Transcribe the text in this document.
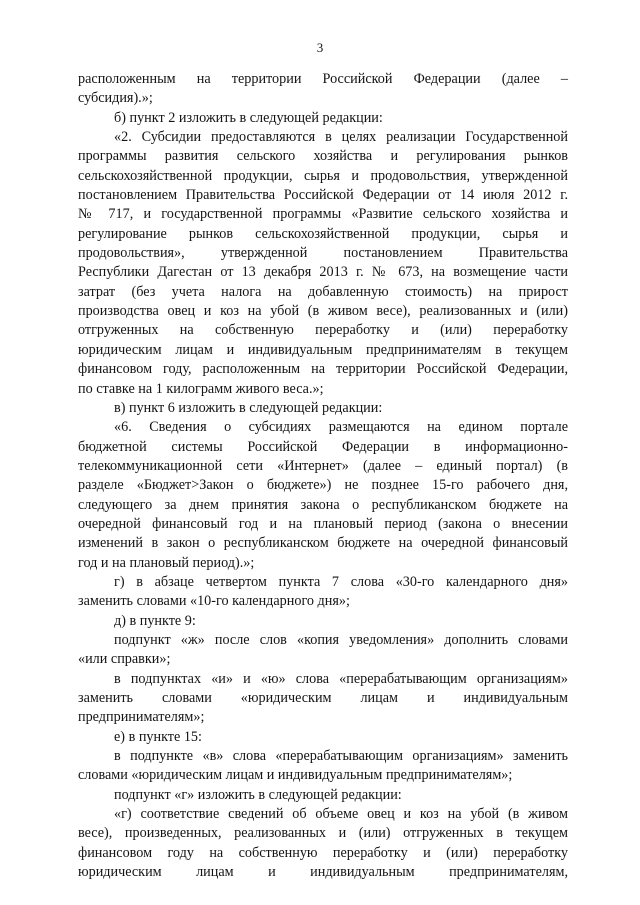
3
расположенным на территории Российской Федерации (далее –
субсидия).»;
б) пункт 2 изложить в следующей редакции:
«2. Субсидии предоставляются в целях реализации Государственной
программы развития сельского хозяйства и регулирования рынков
сельскохозяйственной продукции, сырья и продовольствия, утвержденной
постановлением Правительства Российской Федерации от 14 июля 2012 г.
№ 717, и государственной программы «Развитие сельского хозяйства и
регулирование рынков сельскохозяйственной продукции, сырья и
продовольствия», утвержденной постановлением Правительства
Республики Дагестан от 13 декабря 2013 г. № 673, на возмещение части
затрат (без учета налога на добавленную стоимость) на прирост
производства овец и коз на убой (в живом весе), реализованных и (или)
отгруженных на собственную переработку и (или) переработку
юридическим лицам и индивидуальным предпринимателям в текущем
финансовом году, расположенным на территории Российской Федерации,
по ставке на 1 килограмм живого веса.»;
в) пункт 6 изложить в следующей редакции:
«6. Сведения о субсидиях размещаются на едином портале
бюджетной системы Российской Федерации в информационно-
телекоммуникационной сети «Интернет» (далее – единый портал) (в
разделе «Бюджет>Закон о бюджете») не позднее 15-го рабочего дня,
следующего за днем принятия закона о республиканском бюджете на
очередной финансовый год и на плановый период (закона о внесении
изменений в закон о республиканском бюджете на очередной финансовый
год и на плановый период).»;
г) в абзаце четвертом пункта 7 слова «30-го календарного дня»
заменить словами «10-го календарного дня»;
д) в пункте 9:
подпункт «ж» после слов «копия уведомления» дополнить словами
«или справки»;
в подпунктах «и» и «ю» слова «перерабатывающим организациям»
заменить словами «юридическим лицам и индивидуальным
предпринимателям»;
е) в пункте 15:
в подпункте «в» слова «перерабатывающим организациям» заменить
словами «юридическим лицам и индивидуальным предпринимателям»;
подпункт «г» изложить в следующей редакции:
«г) соответствие сведений об объеме овец и коз на убой (в живом
весе), произведенных, реализованных и (или) отгруженных в текущем
финансовом году на собственную переработку и (или) переработку
юридическим лицам и индивидуальным предпринимателям,
